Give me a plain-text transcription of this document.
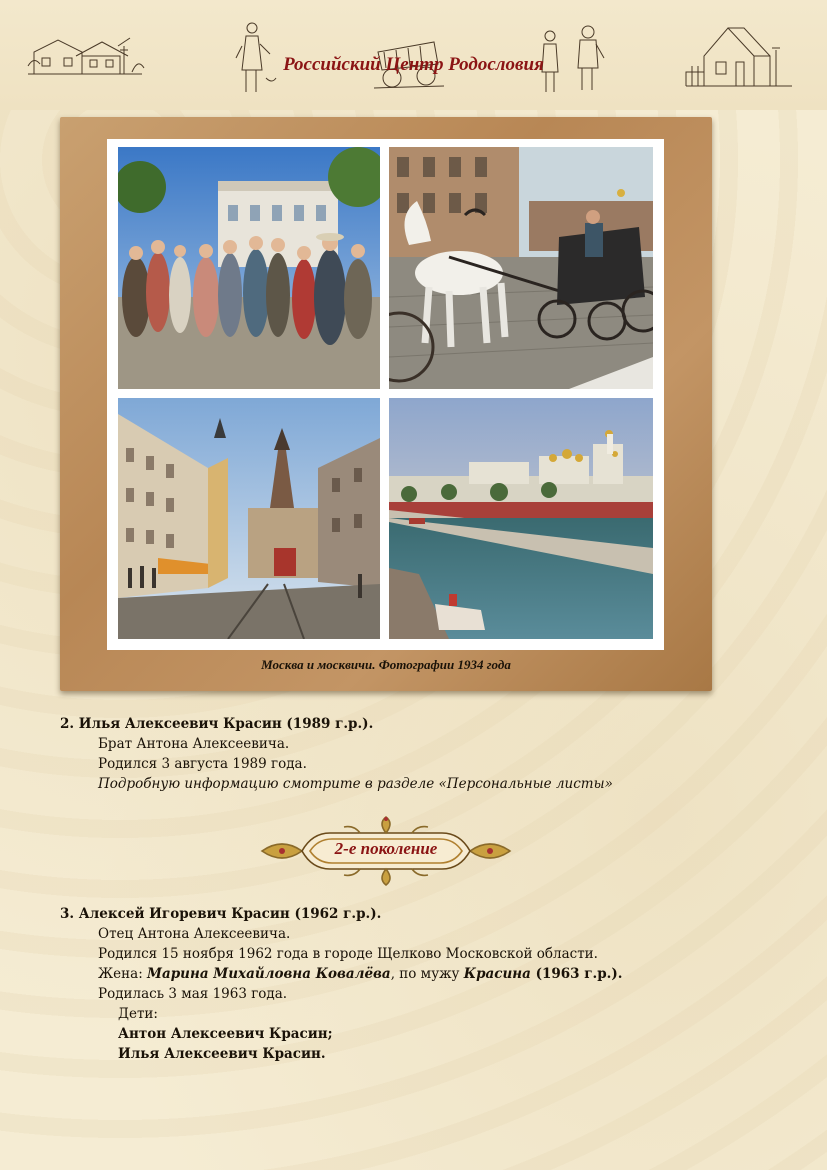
Российский Центр Родословия
Москва и москвичи. Фотографии 1934 года
2. Илья Алексеевич Красин (1989 г.р.).
Брат Антона Алексеевича.
Родился 3 августа 1989 года.
Подробную информацию смотрите в разделе «Персональные листы»
2-е поколение
3. Алексей Игоревич Красин (1962 г.р.).
Отец Антона Алексеевича.
Родился 15 ноября 1962 года в городе Щелково Московской области.
Жена: Марина Михайловна Ковалёва, по мужу Красина (1963 г.р.).
Родилась 3 мая 1963 года.
Дети:
Антон Алексеевич Красин;
Илья Алексеевич Красин.
